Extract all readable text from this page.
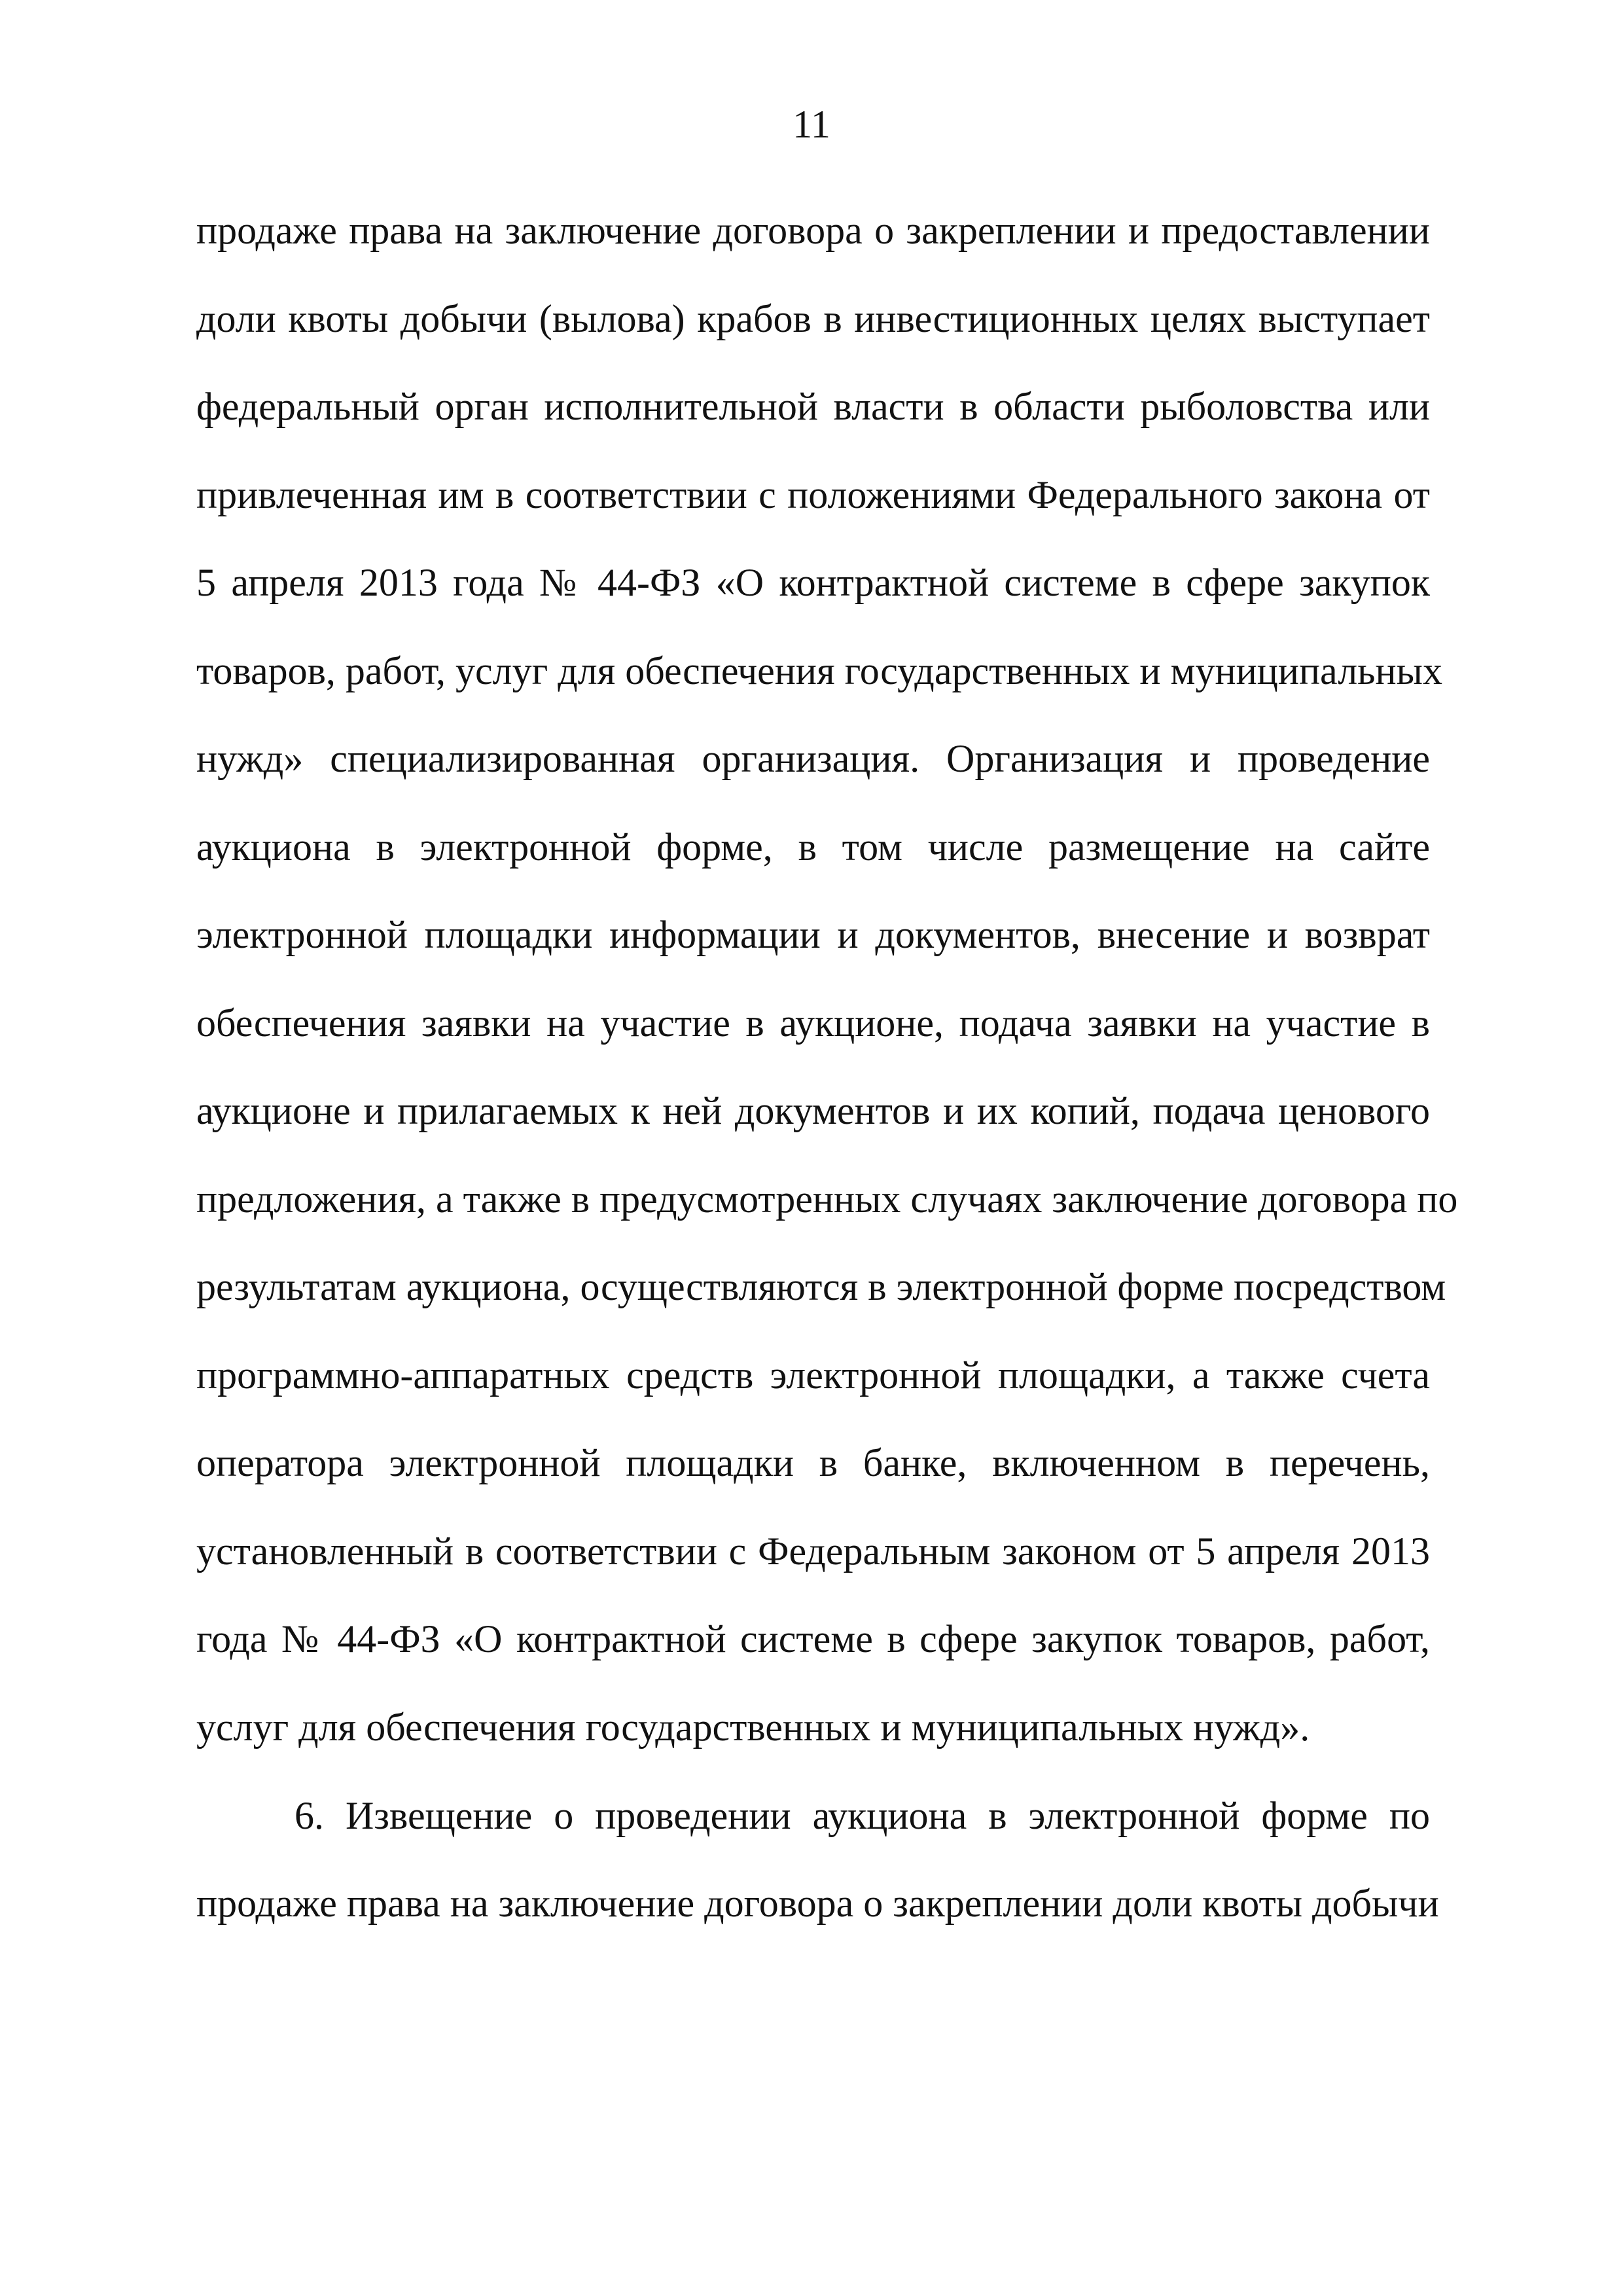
11
продаже права на заключение договора о закреплении и предоставлении
доли квоты добычи (вылова) крабов в инвестиционных целях выступает
федеральный орган исполнительной власти в области рыболовства или
привлеченная им в соответствии с положениями Федерального закона от
5 апреля 2013 года № 44-ФЗ «О контрактной системе в сфере закупок
товаров, работ, услуг для обеспечения государственных и муниципальных
нужд» специализированная организация. Организация и проведение
аукциона в электронной форме, в том числе размещение на сайте
электронной площадки информации и документов, внесение и возврат
обеспечения заявки на участие в аукционе, подача заявки на участие в
аукционе и прилагаемых к ней документов и их копий, подача ценового
предложения, а также в предусмотренных случаях заключение договора по
результатам аукциона, осуществляются в электронной форме посредством
программно-аппаратных средств электронной площадки, а также счета
оператора электронной площадки в банке, включенном в перечень,
установленный в соответствии с Федеральным законом от 5 апреля 2013
года № 44-ФЗ «О контрактной системе в сфере закупок товаров, работ,
услуг для обеспечения государственных и муниципальных нужд».
6. Извещение о проведении аукциона в электронной форме по
продаже права на заключение договора о закреплении доли квоты добычи
